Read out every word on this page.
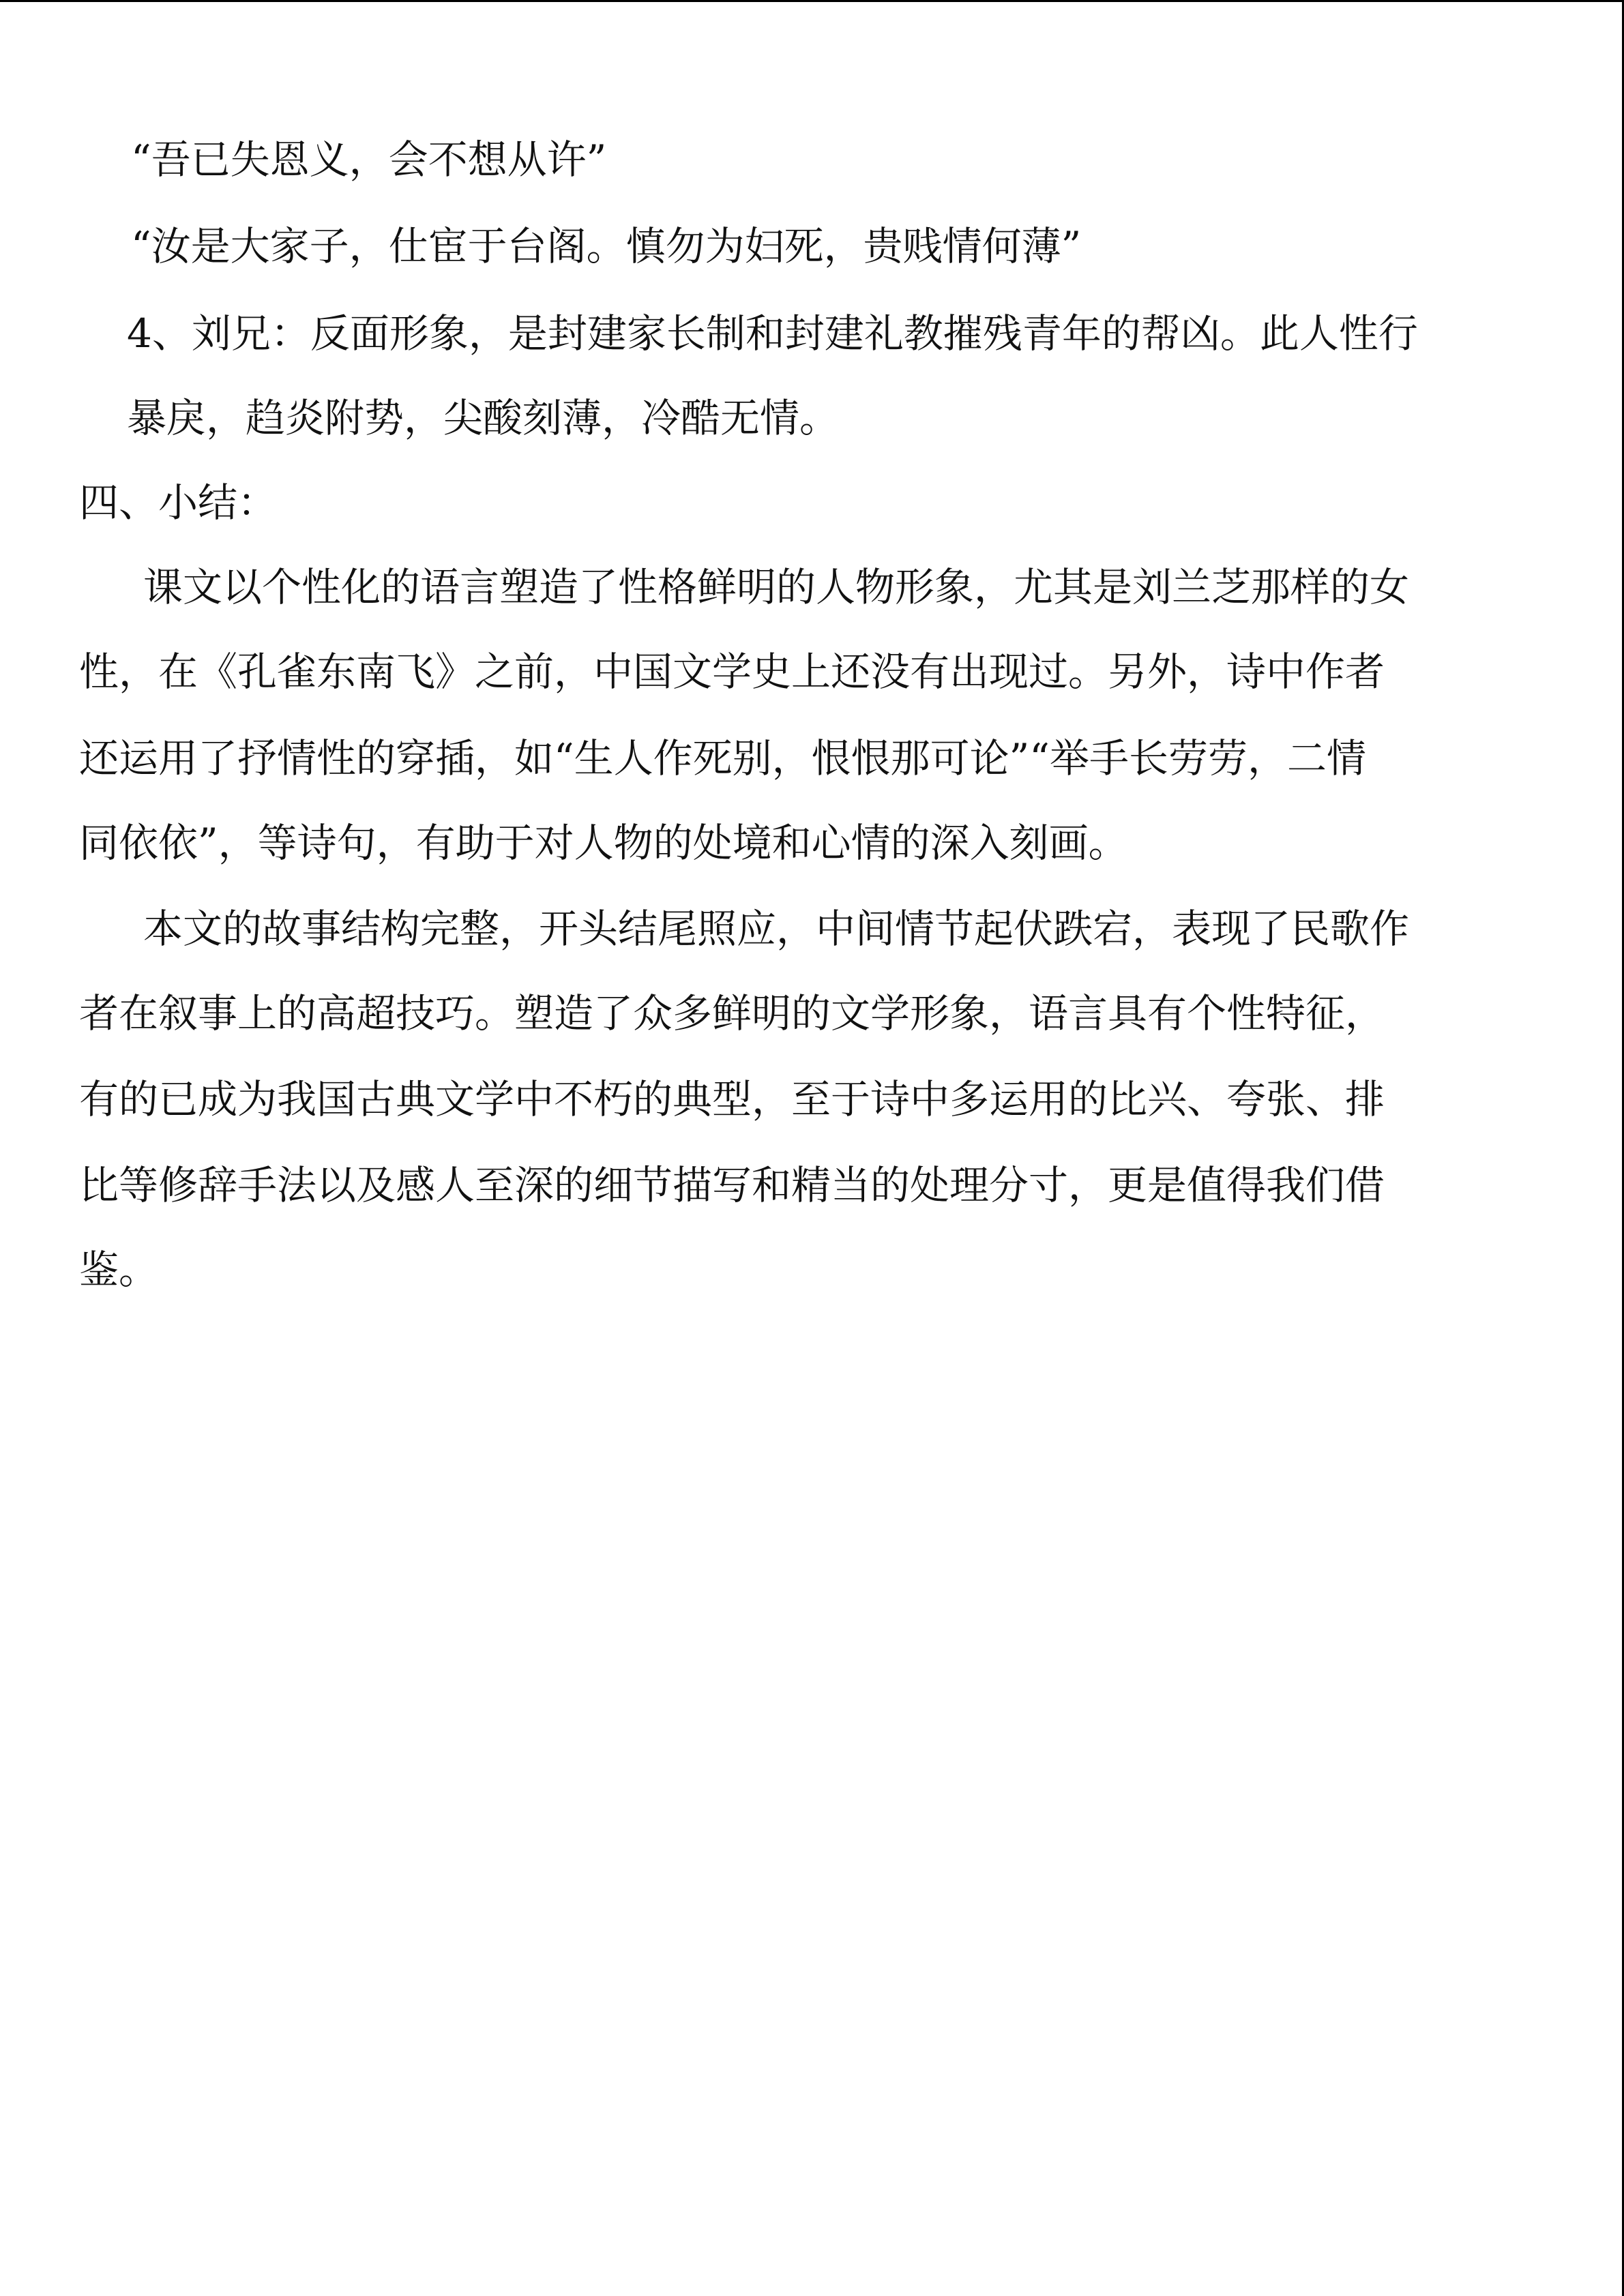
“吾已失恩义，会不想从许”

“汝是大家子，仕宦于台阁。慎勿为妇死，贵贱情何薄”

4、刘兄：反面形象，是封建家长制和封建礼教摧残青年的帮凶。此人性行

暴戾，趋炎附势，尖酸刻薄，冷酷无情。

四、小结：

课文以个性化的语言塑造了性格鲜明的人物形象，尤其是刘兰芝那样的女

性，在《孔雀东南飞》之前，中国文学史上还没有出现过。另外，诗中作者

还运用了抒情性的穿插，如“生人作死别，恨恨那可论”“举手长劳劳，二情

同依依”，等诗句，有助于对人物的处境和心情的深入刻画。

本文的故事结构完整，开头结尾照应，中间情节起伏跌宕，表现了民歌作

者在叙事上的高超技巧。塑造了众多鲜明的文学形象，语言具有个性特征，

有的已成为我国古典文学中不朽的典型，至于诗中多运用的比兴、夸张、排

比等修辞手法以及感人至深的细节描写和精当的处理分寸，更是值得我们借

鉴。
